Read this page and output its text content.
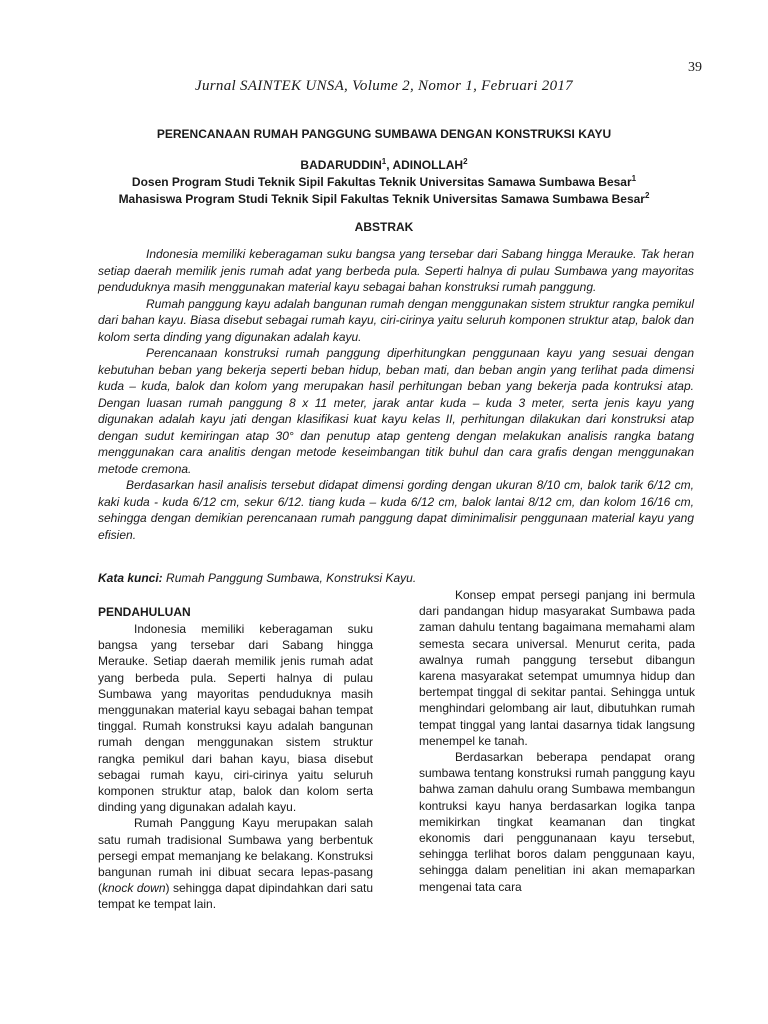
39
Jurnal SAINTEK UNSA, Volume 2, Nomor 1, Februari 2017
PERENCANAAN RUMAH PANGGUNG SUMBAWA DENGAN KONSTRUKSI KAYU
BADARUDDIN$^1$, ADINOLLAH$^2$
Dosen Program Studi Teknik Sipil Fakultas Teknik Universitas Samawa Sumbawa Besar$^1$
Mahasiswa Program Studi Teknik Sipil Fakultas Teknik Universitas Samawa Sumbawa Besar$^2$
ABSTRAK

Indonesia memiliki keberagaman suku bangsa yang tersebar dari Sabang hingga Merauke. Tak heran setiap daerah memilik jenis rumah adat yang berbeda pula. Seperti halnya di pulau Sumbawa yang mayoritas penduduknya masih menggunakan material kayu sebagai bahan konstruksi rumah panggung.

Rumah panggung kayu adalah bangunan rumah dengan menggunakan sistem struktur rangka pemikul dari bahan kayu. Biasa disebut sebagai rumah kayu, ciri-cirinya yaitu seluruh komponen struktur atap, balok dan kolom serta dinding yang digunakan adalah kayu.

Perencanaan konstruksi rumah panggung diperhitungkan penggunaan kayu yang sesuai dengan kebutuhan beban yang bekerja seperti beban hidup, beban mati, dan beban angin yang terlihat pada dimensi kuda – kuda, balok dan kolom yang merupakan hasil perhitungan beban yang bekerja pada kontruksi atap. Dengan luasan rumah panggung 8 x 11 meter, jarak antar kuda – kuda 3 meter, serta jenis kayu yang digunakan adalah kayu jati dengan klasifikasi kuat kayu kelas II, perhitungan dilakukan dari konstruksi atap dengan sudut kemiringan atap 30° dan penutup atap genteng dengan melakukan analisis rangka batang menggunakan cara analitis dengan metode keseimbangan titik buhul dan cara grafis dengan menggunakan metode cremona.

Berdasarkan hasil analisis tersebut didapat dimensi gording dengan ukuran 8/10 cm, balok tarik 6/12 cm, kaki kuda - kuda 6/12 cm, sekur 6/12. tiang kuda – kuda 6/12 cm, balok lantai 8/12 cm, dan kolom 16/16 cm, sehingga dengan demikian perencanaan rumah panggung dapat diminimalisir penggunaan material kayu yang efisien.

Kata kunci: Rumah Panggung Sumbawa, Konstruksi Kayu.
PENDAHULUAN

Indonesia memiliki keberagaman suku bangsa yang tersebar dari Sabang hingga Merauke. Setiap daerah memilik jenis rumah adat yang berbeda pula. Seperti halnya di pulau Sumbawa yang mayoritas penduduknya masih menggunakan material kayu sebagai bahan tempat tinggal. Rumah konstruksi kayu adalah bangunan rumah dengan menggunakan sistem struktur rangka pemikul dari bahan kayu, biasa disebut sebagai rumah kayu, ciri-cirinya yaitu seluruh komponen struktur atap, balok dan kolom serta dinding yang digunakan adalah kayu.

Rumah Panggung Kayu merupakan salah satu rumah tradisional Sumbawa yang berbentuk persegi empat memanjang ke belakang. Konstruksi bangunan rumah ini dibuat secara lepas-pasang (knock down) sehingga dapat dipindahkan dari satu tempat ke tempat lain.

Konsep empat persegi panjang ini bermula dari pandangan hidup masyarakat Sumbawa pada zaman dahulu tentang bagaimana memahami alam semesta secara universal. Menurut cerita, pada awalnya rumah panggung tersebut dibangun karena masyarakat setempat umumnya hidup dan bertempat tinggal di sekitar pantai. Sehingga untuk menghindari gelombang air laut, dibutuhkan rumah tempat tinggal yang lantai dasarnya tidak langsung menempel ke tanah.

Berdasarkan beberapa pendapat orang sumbawa tentang konstruksi rumah panggung kayu bahwa zaman dahulu orang Sumbawa membangun kontruksi kayu hanya berdasarkan logika tanpa memikirkan tingkat keamanan dan tingkat ekonomis dari penggunanaan kayu tersebut, sehingga terlihat boros dalam penggunaan kayu, sehingga dalam penelitian ini akan memaparkan mengenai tata cara
